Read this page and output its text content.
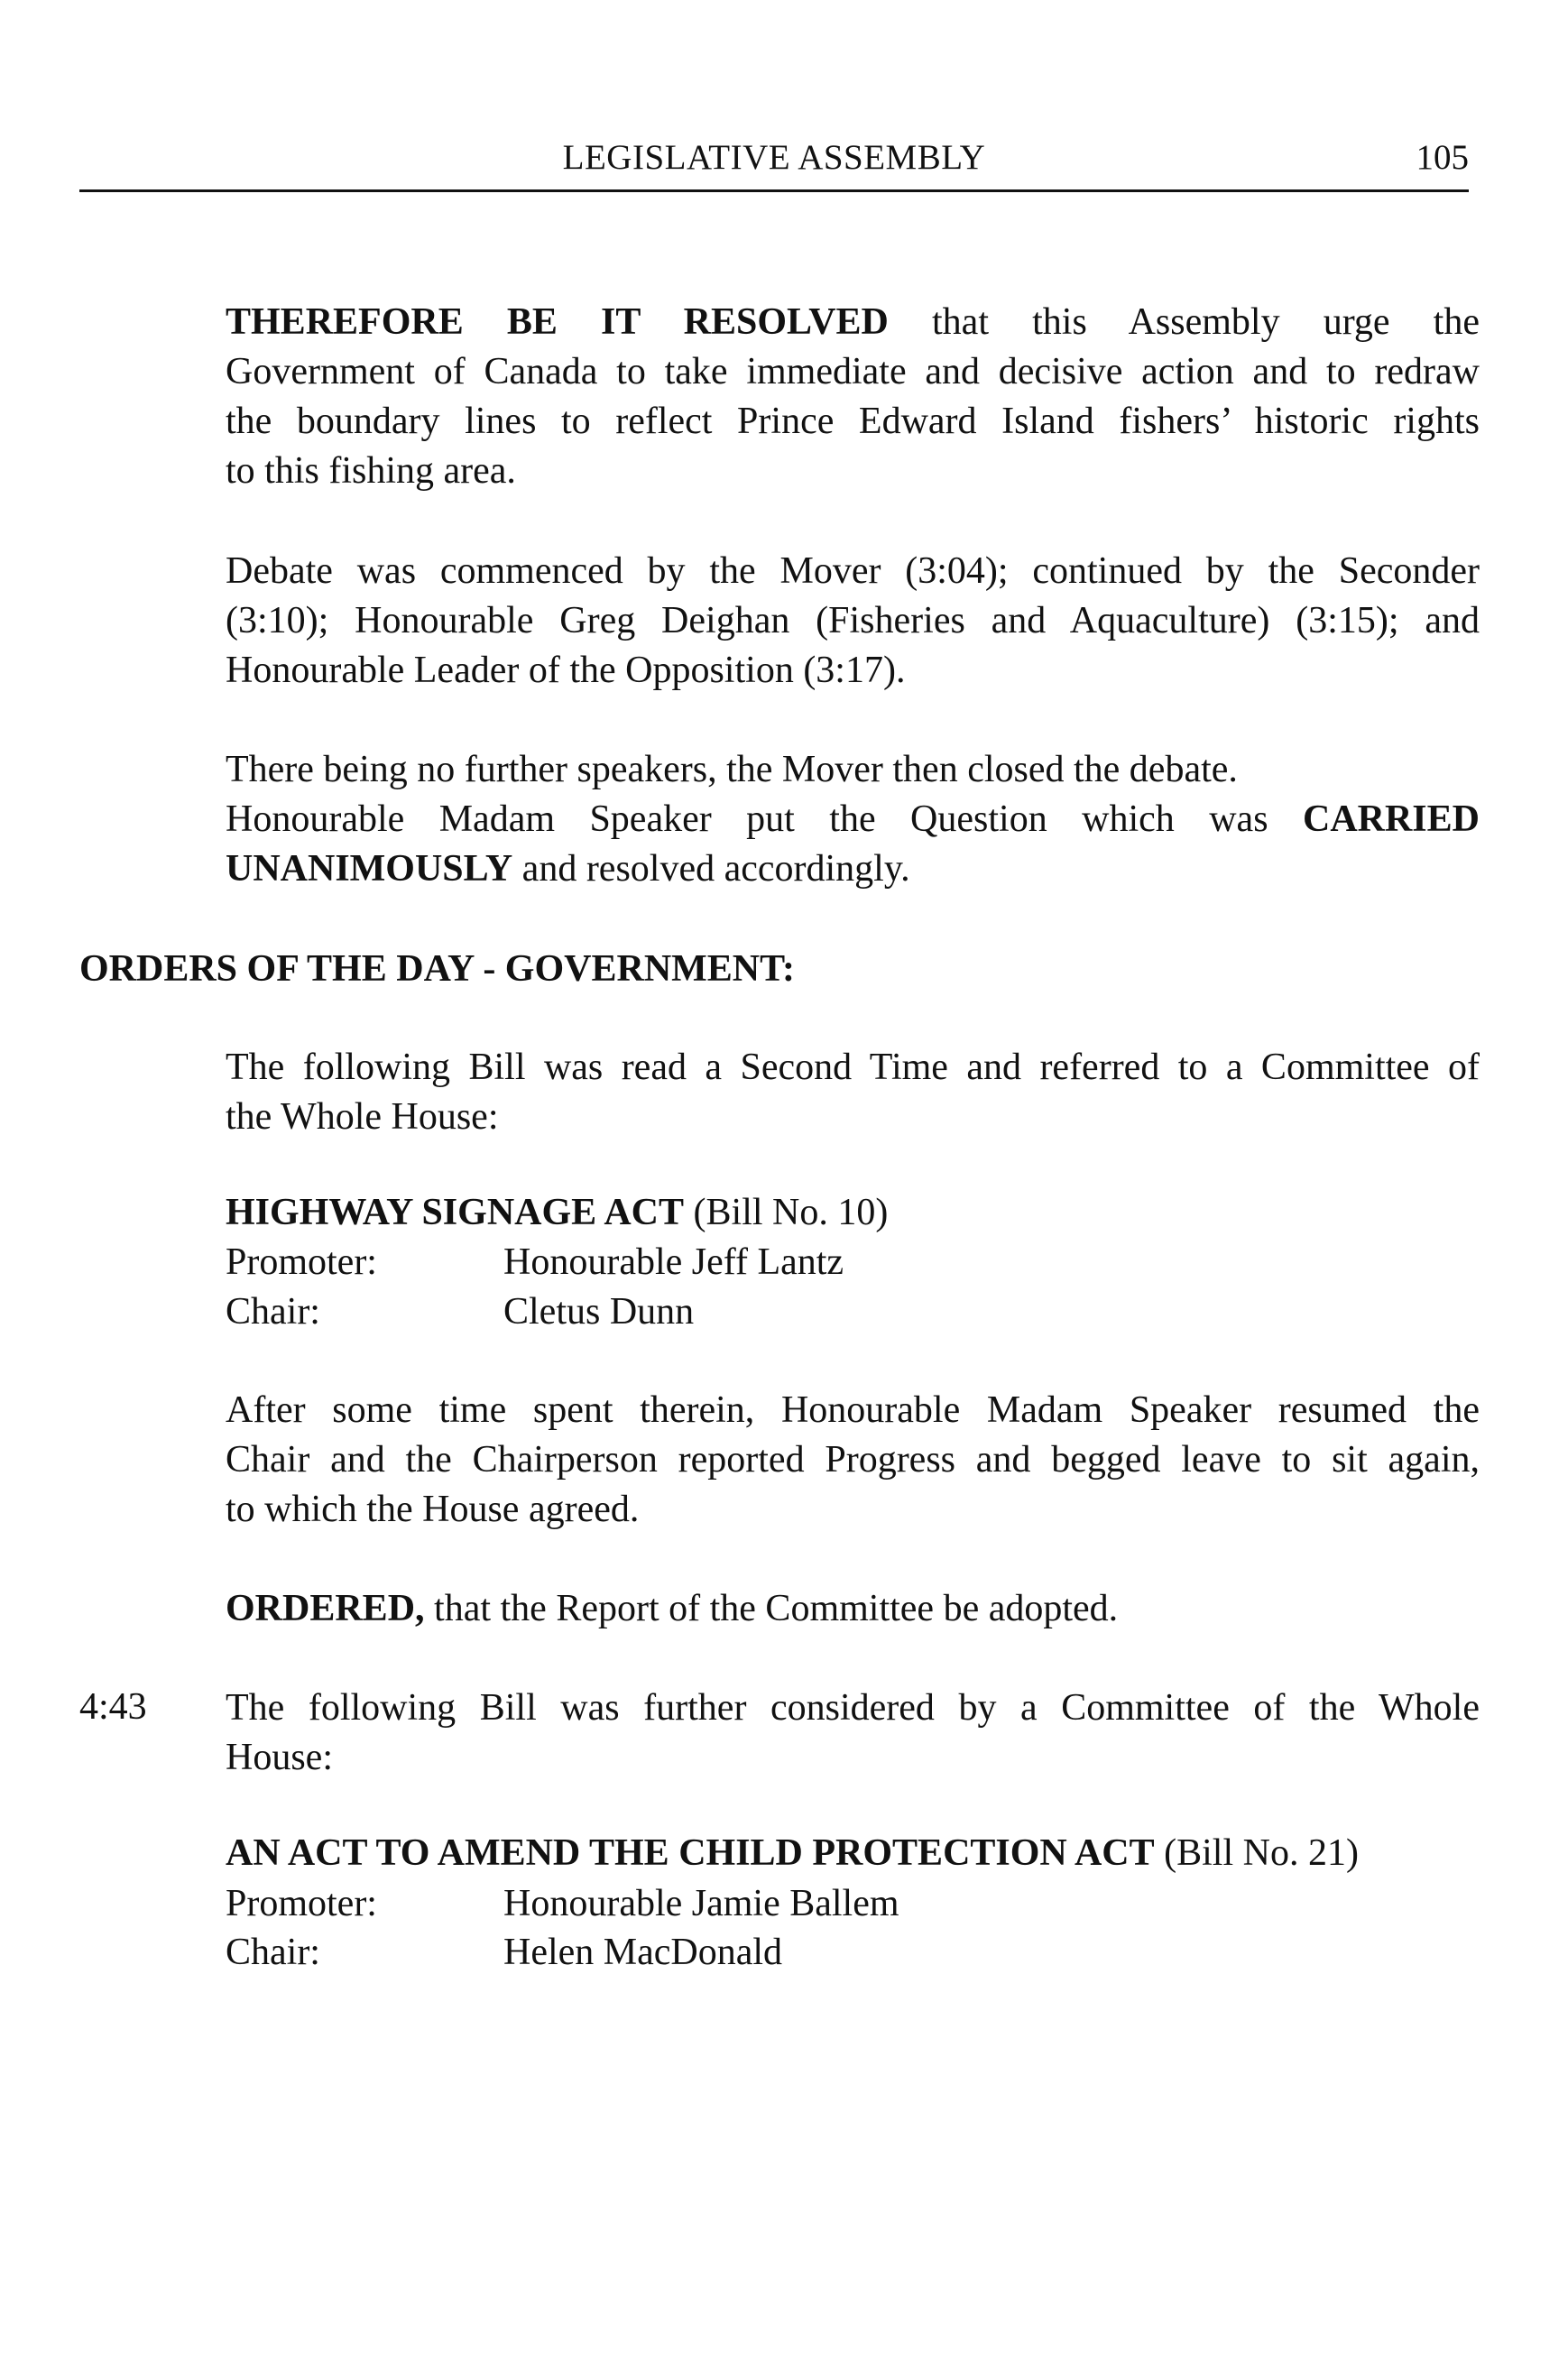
LEGISLATIVE ASSEMBLY	105

THEREFORE BE IT RESOLVED that this Assembly urge the
Government of Canada to take immediate and decisive action and to redraw
the boundary lines to reflect Prince Edward Island fishers’ historic rights
to this fishing area.

Debate was commenced by the Mover (3:04); continued by the Seconder
(3:10); Honourable Greg Deighan (Fisheries and Aquaculture) (3:15); and
Honourable Leader of the Opposition (3:17).

There being no further speakers, the Mover then closed the debate.
Honourable Madam Speaker put the Question which was CARRIED
UNANIMOUSLY and resolved accordingly.

ORDERS OF THE DAY - GOVERNMENT:

The following Bill was read a Second Time and referred to a Committee of
the Whole House:

HIGHWAY SIGNAGE ACT (Bill No. 10)

Promoter:	Honourable Jeff Lantz
Chair:	Cletus Dunn

After some time spent therein, Honourable Madam Speaker resumed the
Chair and the Chairperson reported Progress and begged leave to sit again,
to which the House agreed.

ORDERED, that the Report of the Committee be adopted.

4:43 The following Bill was further considered by a Committee of the Whole
House:

AN ACT TO AMEND THE CHILD PROTECTION ACT (Bill No. 21)

Promoter:	Honourable Jamie Ballem
Chair:	Helen MacDonald
